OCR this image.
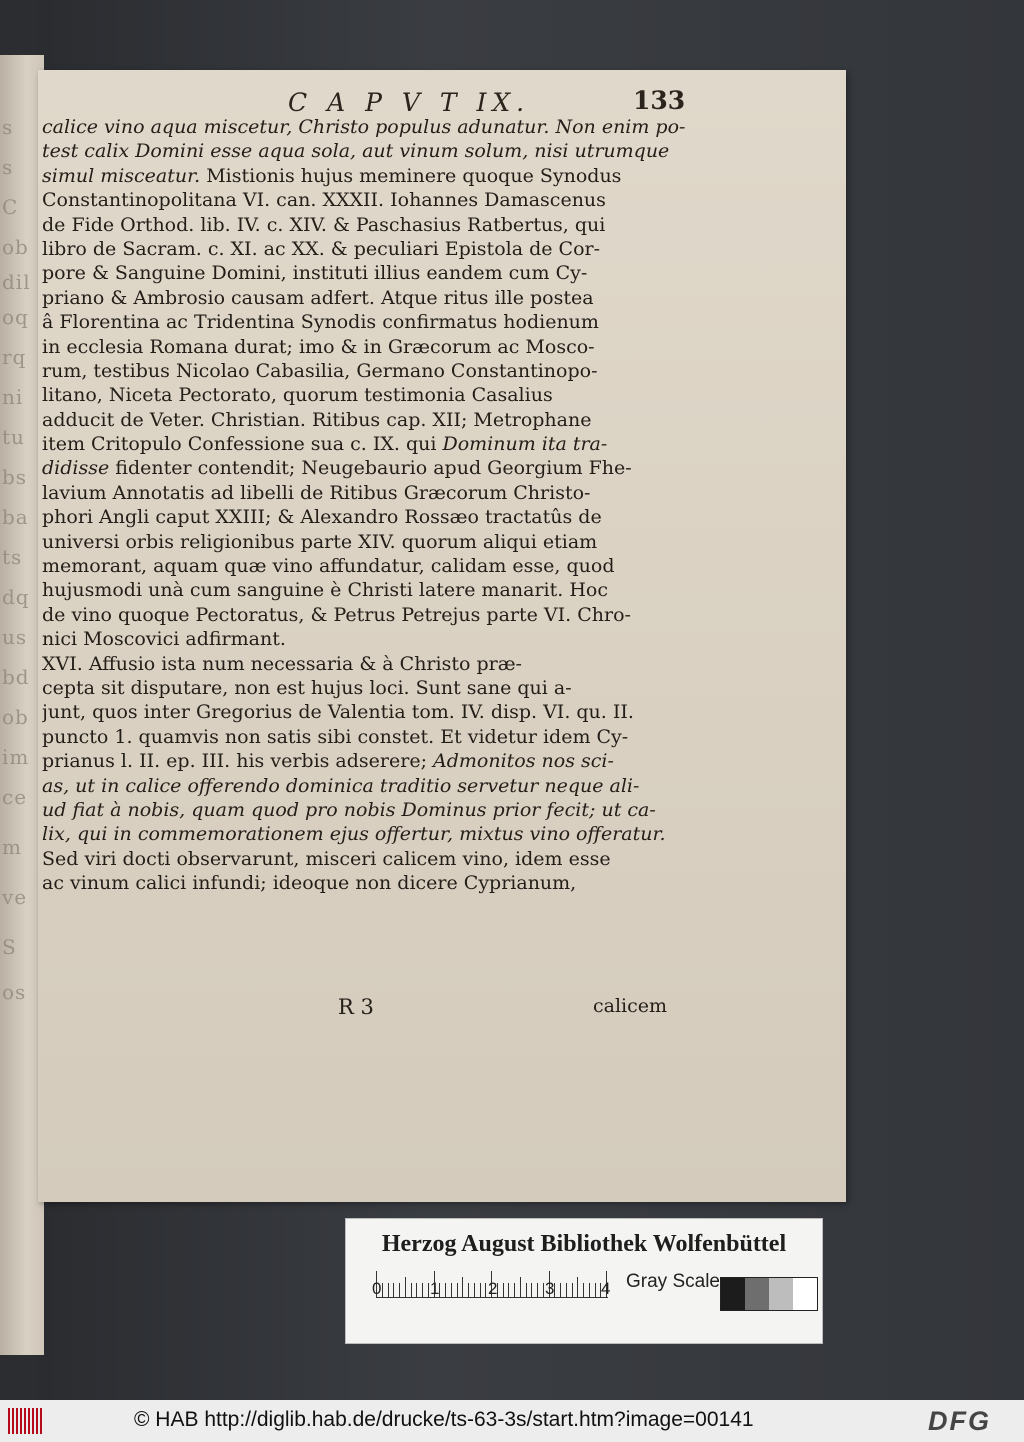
s
s
C
ob
dil
oq
rq
ni
tu
bs
ba
ts
dq
us
bd
ob
im
ce
m
ve
S
os
C A P V T IX.	133
calice vino aqua miscetur, Christo populus adunatur. Non enim po-
test calix Domini esse aqua sola, aut vinum solum, nisi utrumque
simul misceatur. Mistionis hujus meminere quoque Synodus
Constantinopolitana VI. can. XXXII. Iohannes Damascenus
de Fide Orthod. lib. IV. c. XIV. & Paschasius Ratbertus, qui
libro de Sacram. c. XI. ac XX. & peculiari Epistola de Cor-
pore & Sanguine Domini, instituti illius eandem cum Cy-
priano & Ambrosio causam adfert. Atque ritus ille postea
â Florentina ac Tridentina Synodis confirmatus hodienum
in ecclesia Romana durat; imo & in Græcorum ac Mosco-
rum, testibus Nicolao Cabasilia, Germano Constantinopo-
litano, Niceta Pectorato, quorum testimonia Casalius
adducit de Veter. Christian. Ritibus cap. XII; Metrophane
item Critopulo Confessione sua c. IX. qui Dominum ita tra-
didisse fidenter contendit; Neugebaurio apud Georgium Fhe-
lavium Annotatis ad libelli de Ritibus Græcorum Christo-
phori Angli caput XXIII; & Alexandro Rossæo tractatûs de
universi orbis religionibus parte XIV. quorum aliqui etiam
memorant, aquam quæ vino affundatur, calidam esse, quod
hujusmodi unà cum sanguine è Christi latere manarit. Hoc
de vino quoque Pectoratus, & Petrus Petrejus parte VI. Chro-
nici Moscovici adfirmant.
XVI. Affusio ista num necessaria & à Christo præ-
cepta sit disputare, non est hujus loci. Sunt sane qui a-
junt, quos inter Gregorius de Valentia tom. IV. disp. VI. qu. II.
puncto 1. quamvis non satis sibi constet. Et videtur idem Cy-
prianus l. II. ep. III. his verbis adserere; Admonitos nos sci-
as, ut in calice offerendo dominica traditio servetur neque ali-
ud fiat à nobis, quam quod pro nobis Dominus prior fecit; ut ca-
lix, qui in commemorationem ejus offertur, mixtus vino offeratur.
Sed viri docti observarunt, misceri calicem vino, idem esse
ac vinum calici infundi; ideoque non dicere Cyprianum,
R 3	calicem
Herzog August Bibliothek Wolfenbüttel
0	1	2	3	4 Gray Scale
© HAB http://diglib.hab.de/drucke/ts-63-3s/start.htm?image=00141	DFG
